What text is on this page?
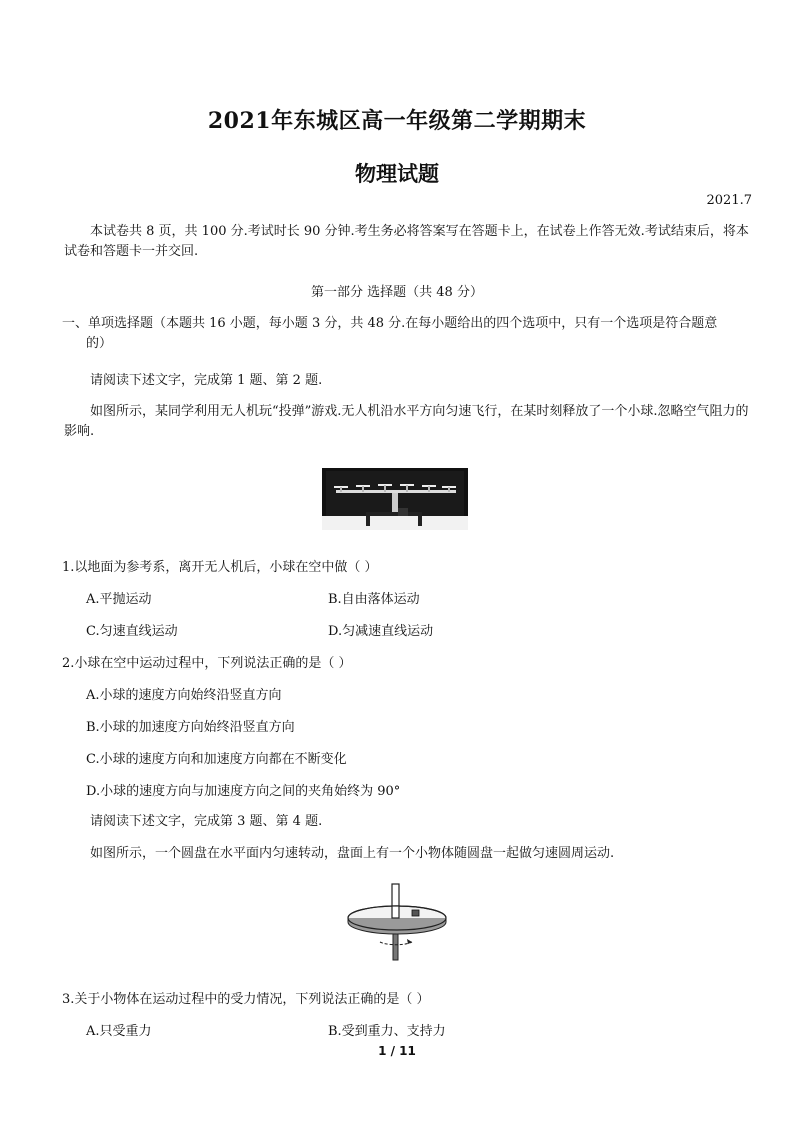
2021年东城区高一年级第二学期期末
物理试题
2021.7
本试卷共 8 页，共 100 分.考试时长 90 分钟.考生务必将答案写在答题卡上，在试卷上作答无效.考试结束后，将本试卷和答题卡一并交回.
第一部分 选择题（共 48 分）
一、单项选择题（本题共 16 小题，每小题 3 分，共 48 分.在每小题给出的四个选项中，只有一个选项是符合题意
的）
请阅读下述文字，完成第 1 题、第 2 题.
如图所示，某同学利用无人机玩“投弹”游戏.无人机沿水平方向匀速飞行，在某时刻释放了一个小球.忽略空气阻力的影响.
1.以地面为参考系，离开无人机后，小球在空中做（ ）
A.平抛运动	B.自由落体运动
C.匀速直线运动	D.匀减速直线运动
2.小球在空中运动过程中，下列说法正确的是（ ）
A.小球的速度方向始终沿竖直方向
B.小球的加速度方向始终沿竖直方向
C.小球的速度方向和加速度方向都在不断变化
D.小球的速度方向与加速度方向之间的夹角始终为 90°
请阅读下述文字，完成第 3 题、第 4 题.
如图所示，一个圆盘在水平面内匀速转动，盘面上有一个小物体随圆盘一起做匀速圆周运动.
3.关于小物体在运动过程中的受力情况，下列说法正确的是（ ）
A.只受重力	B.受到重力、支持力
1 / 11
